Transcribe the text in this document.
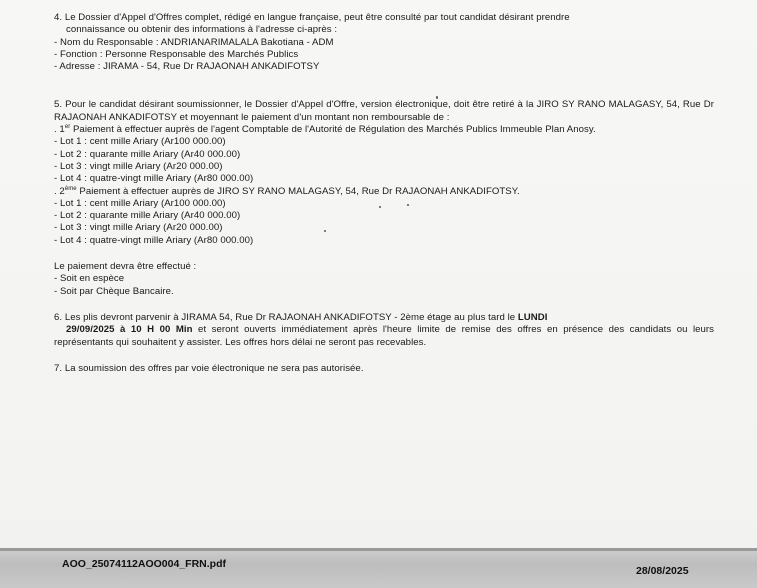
4. Le Dossier d'Appel d'Offres complet, rédigé en langue française, peut être consulté par tout candidat désirant prendre

connaissance ou obtenir des informations à l'adresse ci-après :

- Nom du Responsable : ANDRIANARIMALALA Bakotiana - ADM

- Fonction : Personne Responsable des Marchés Publics

- Adresse : JIRAMA - 54, Rue Dr RAJAONAH ANKADIFOTSY

5. Pour le candidat désirant soumissionner, le Dossier d'Appel d'Offre, version électronique, doit être retiré à la JIRO SY RANO MALAGASY, 54, Rue Dr RAJAONAH ANKADIFOTSY et moyennant le paiement d'un montant non remboursable de :

. 1er Paiement à effectuer auprès de l'agent Comptable de l'Autorité de Régulation des Marchés Publics Immeuble Plan Anosy.

- Lot 1 : cent mille Ariary (Ar100 000.00)

- Lot 2 : quarante mille Ariary (Ar40 000.00)

- Lot 3 : vingt mille Ariary (Ar20 000.00)

- Lot 4 : quatre-vingt mille Ariary (Ar80 000.00)

. 2ème Paiement à effectuer auprès de JIRO SY RANO MALAGASY, 54, Rue Dr RAJAONAH ANKADIFOTSY.

- Lot 1 : cent mille Ariary (Ar100 000.00)

- Lot 2 : quarante mille Ariary (Ar40 000.00)

- Lot 3 : vingt mille Ariary (Ar20 000.00)

- Lot 4 : quatre-vingt mille Ariary (Ar80 000.00)

Le paiement devra être effectué :

- Soit en espèce

- Soit par Chèque Bancaire.

6. Les plis devront parvenir à JIRAMA 54, Rue Dr RAJAONAH ANKADIFOTSY - 2ème étage au plus tard le LUNDI
29/09/2025 à 10 H 00 Min et seront ouverts immédiatement après l'heure limite de remise des offres en présence des candidats ou leurs représentants qui souhaitent y assister. Les offres hors délai ne seront pas recevables.

7. La soumission des offres par voie électronique ne sera pas autorisée.

AOO_25074112AOO004_FRN.pdf
28/08/2025
